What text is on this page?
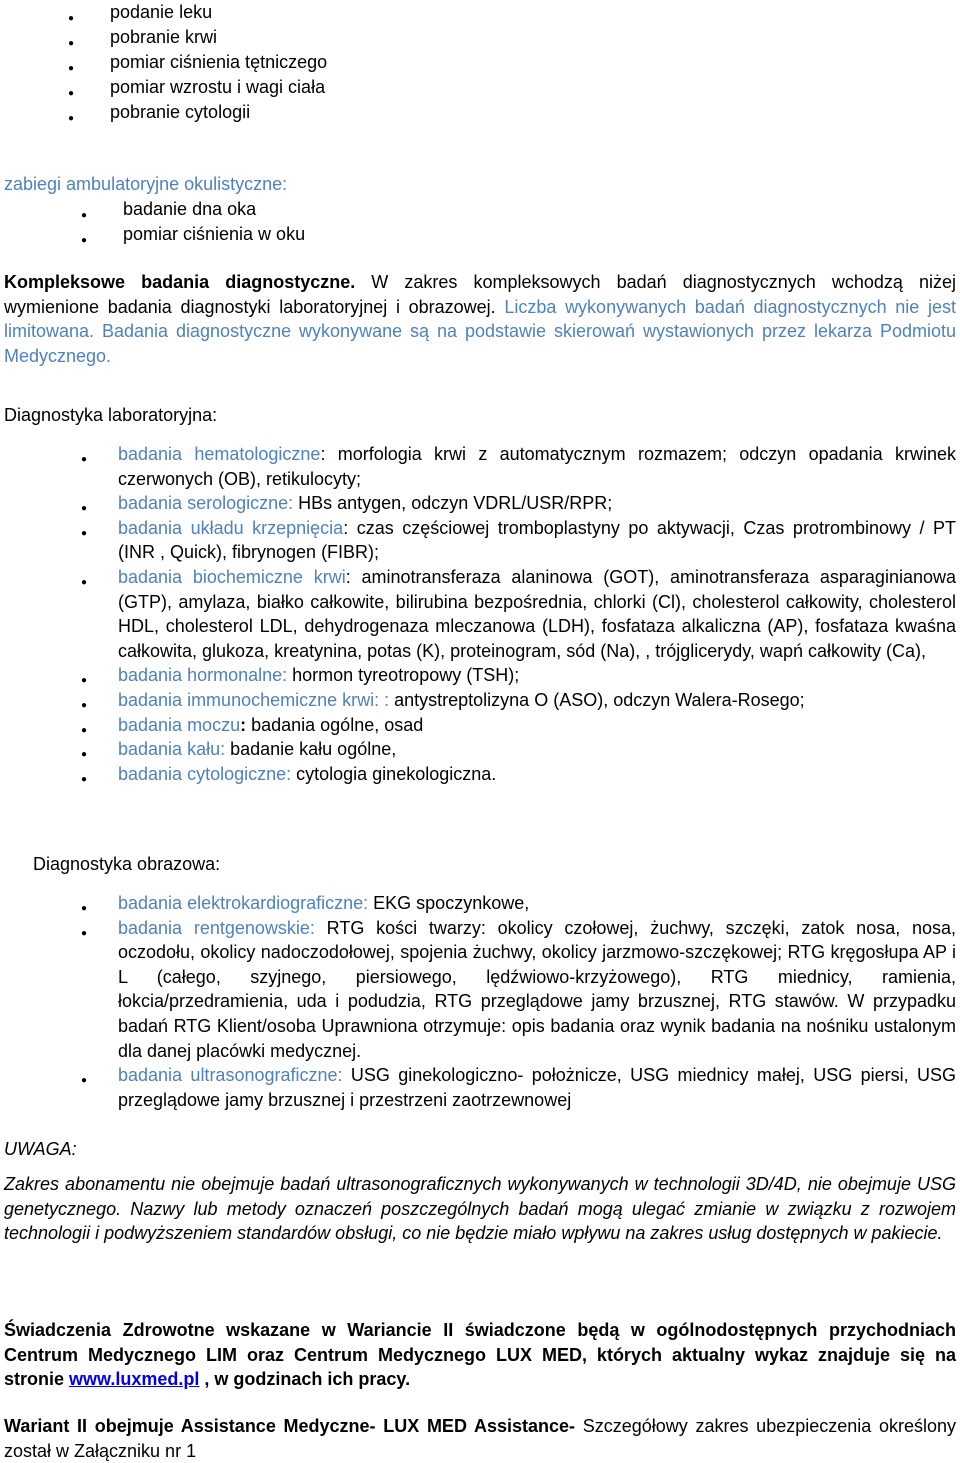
● podanie leku
● pobranie krwi
● pomiar ciśnienia tętniczego
● pomiar wzrostu i wagi ciała
● pobranie cytologii
zabiegi ambulatoryjne okulistyczne:
● badanie dna oka
● pomiar ciśnienia w oku
Kompleksowe badania diagnostyczne. W zakres kompleksowych badań diagnostycznych wchodzą niżej wymienione badania diagnostyki laboratoryjnej i obrazowej. Liczba wykonywanych badań diagnostycznych nie jest limitowana. Badania diagnostyczne wykonywane są na podstawie skierowań wystawionych przez lekarza Podmiotu Medycznego.
Diagnostyka laboratoryjna:
● badania hematologiczne: morfologia krwi z automatycznym rozmazem; odczyn opadania krwinek czerwonych (OB), retikulocyty;
● badania serologiczne: HBs antygen, odczyn VDRL/USR/RPR;
● badania układu krzepnięcia: czas częściowej tromboplastyny po aktywacji, Czas protrombinowy / PT (INR , Quick), fibrynogen (FIBR);
● badania biochemiczne krwi: aminotransferaza alaninowa (GOT), aminotransferaza asparaginianowa (GTP), amylaza, białko całkowite, bilirubina bezpośrednia, chlorki (Cl), cholesterol całkowity, cholesterol HDL, cholesterol LDL, dehydrogenaza mleczanowa (LDH), fosfataza alkaliczna (AP), fosfataza kwaśna całkowita, glukoza, kreatynina, potas (K), proteinogram, sód (Na), , trójglicerydy, wapń całkowity (Ca),
● badania hormonalne: hormon tyreotropowy (TSH);
● badania immunochemiczne krwi: : antystreptolizyna O (ASO), odczyn Walera-Rosego;
● badania moczu: badania ogólne, osad
● badania kału: badanie kału ogólne,
● badania cytologiczne: cytologia ginekologiczna.
Diagnostyka obrazowa:
● badania elektrokardiograficzne: EKG spoczynkowe,
● badania rentgenowskie: RTG kości twarzy: okolicy czołowej, żuchwy, szczęki, zatok nosa, nosa, oczodołu, okolicy nadoczodołowej, spojenia żuchwy, okolicy jarzmowo-szczękowej; RTG kręgosłupa AP i L (całego, szyjnego, piersiowego, lędźwiowo-krzyżowego), RTG miednicy, ramienia, łokcia/przedramienia, uda i podudzia, RTG przeglądowe jamy brzusznej, RTG stawów. W przypadku badań RTG Klient/osoba Uprawniona otrzymuje: opis badania oraz wynik badania na nośniku ustalonym dla danej placówki medycznej.
● badania ultrasonograficzne: USG ginekologiczno- położnicze, USG miednicy małej, USG piersi, USG przeglądowe jamy brzusznej i przestrzeni zaotrzewnowej
UWAGA:
Zakres abonamentu nie obejmuje badań ultrasonograficznych wykonywanych w technologii 3D/4D, nie obejmuje USG genetycznego. Nazwy lub metody oznaczeń poszczególnych badań mogą ulegać zmianie w związku z rozwojem technologii i podwyższeniem standardów obsługi, co nie będzie miało wpływu na zakres usług dostępnych w pakiecie.
Świadczenia Zdrowotne wskazane w Wariancie II świadczone będą w ogólnodostępnych przychodniach Centrum Medycznego LIM oraz Centrum Medycznego LUX MED, których aktualny wykaz znajduje się na stronie www.luxmed.pl , w godzinach ich pracy.
Wariant II obejmuje Assistance Medyczne- LUX MED Assistance- Szczegółowy zakres ubezpieczenia określony został w Załączniku nr 1
